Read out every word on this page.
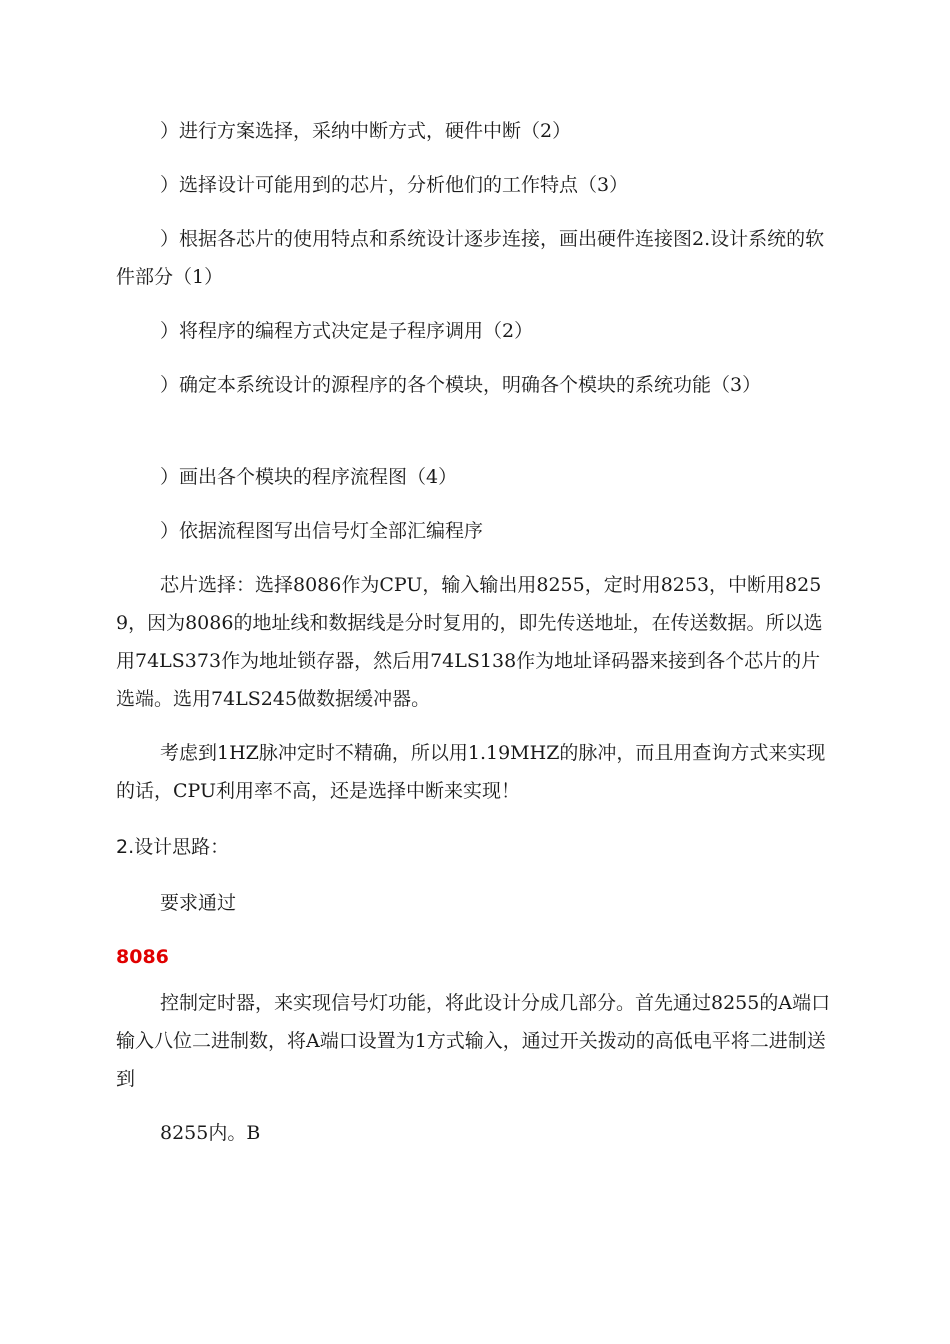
）进行方案选择，采纳中断方式，硬件中断（2）

）选择设计可能用到的芯片，分析他们的工作特点（3）

）根据各芯片的使用特点和系统设计逐步连接，画出硬件连接图2.设计系统的软件部分（1）

）将程序的编程方式决定是子程序调用（2）

）确定本系统设计的源程序的各个模块，明确各个模块的系统功能（3）

）画出各个模块的程序流程图（4）

）依据流程图写出信号灯全部汇编程序

芯片选择：选择8086作为CPU，输入输出用8255，定时用8253，中断用8259，因为8086的地址线和数据线是分时复用的，即先传送地址，在传送数据。所以选用74LS373作为地址锁存器，然后用74LS138作为地址译码器来接到各个芯片的片选端。选用74LS245做数据缓冲器。

考虑到1HZ脉冲定时不精确，所以用1.19MHZ的脉冲，而且用查询方式来实现的话，CPU利用率不高，还是选择中断来实现！

2.设计思路：

要求通过

8086

控制定时器，来实现信号灯功能，将此设计分成几部分。首先通过8255的A端口输入八位二进制数，将A端口设置为1方式输入，通过开关拨动的高低电平将二进制送到

8255内。B
